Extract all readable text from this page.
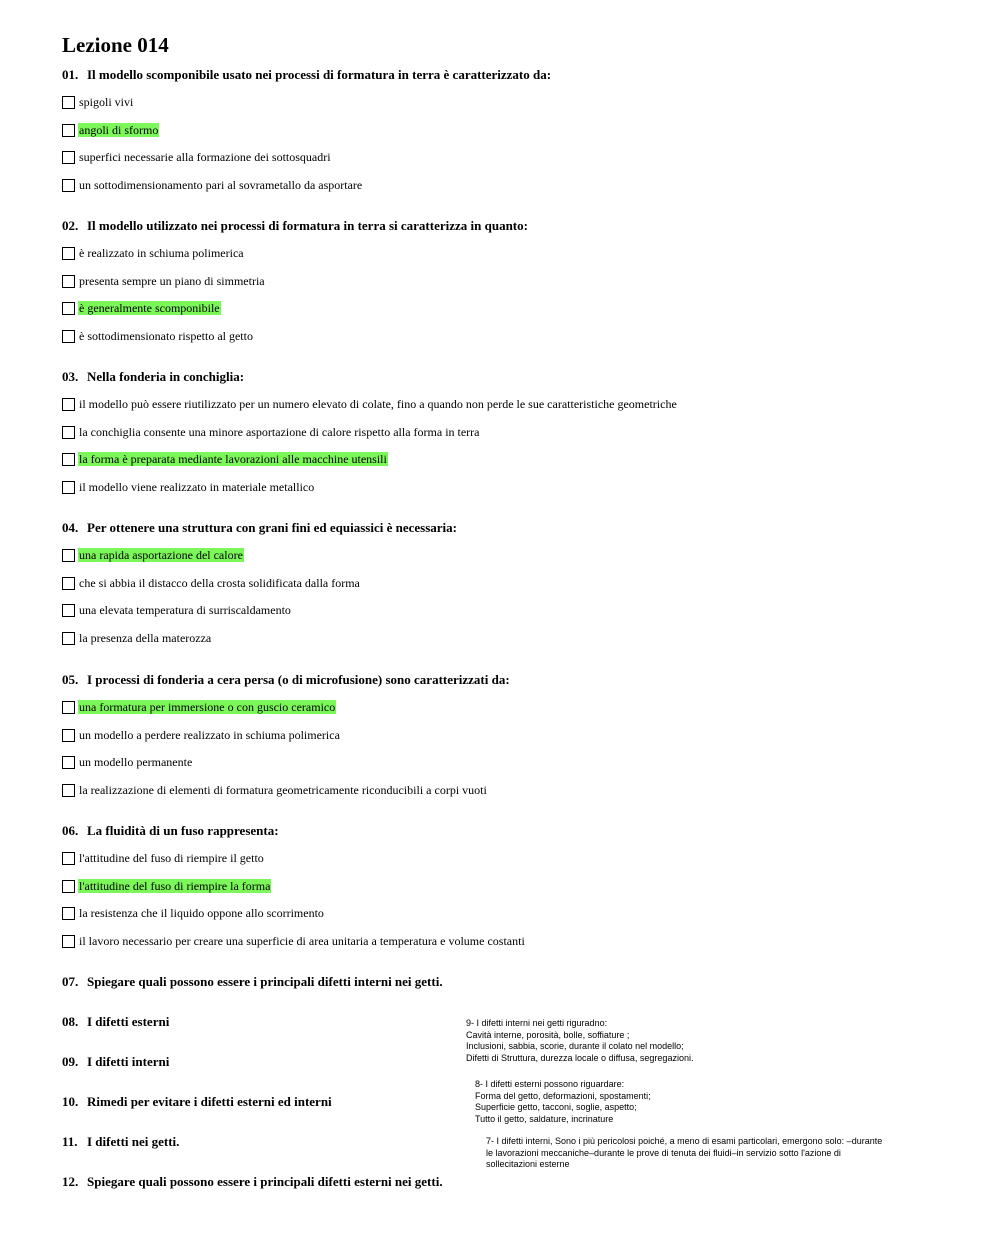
Lezione 014
01. Il modello scomponibile usato nei processi di formatura in terra è caratterizzato da:
spigoli vivi
angoli di sformo
superfici necessarie alla formazione dei sottosquadri
un sottodimensionamento pari al sovrametallo da asportare
02. Il modello utilizzato nei processi di formatura in terra si caratterizza in quanto:
è realizzato in schiuma polimerica
presenta sempre un piano di simmetria
è generalmente scomponibile
è sottodimensionato rispetto al getto
03. Nella fonderia in conchiglia:
il modello può essere riutilizzato per un numero elevato di colate, fino a quando non perde le sue caratteristiche geometriche
la conchiglia consente una minore asportazione di calore rispetto alla forma in terra
la forma è preparata mediante lavorazioni alle macchine utensili
il modello viene realizzato in materiale metallico
04. Per ottenere una struttura con grani fini ed equiassici è necessaria:
una rapida asportazione del calore
che si abbia il distacco della crosta solidificata dalla forma
una elevata temperatura di surriscaldamento
la presenza della materozza
05. I processi di fonderia a cera persa (o di microfusione) sono caratterizzati da:
una formatura per immersione o con guscio ceramico
un modello a perdere realizzato in schiuma polimerica
un modello permanente
la realizzazione di elementi di formatura geometricamente riconducibili a corpi vuoti
06. La fluidità di un fuso rappresenta:
l'attitudine del fuso di riempire il getto
l'attitudine del fuso di riempire la forma
la resistenza che il liquido oppone allo scorrimento
il lavoro necessario per creare una superficie di area unitaria a temperatura e volume costanti
07. Spiegare quali possono essere i principali difetti interni nei getti.
08. I difetti esterni
09. I difetti interni
10. Rimedi per evitare i difetti esterni ed interni
11. I difetti nei getti.
12. Spiegare quali possono essere i principali difetti esterni nei getti.
9- I difetti interni nei getti riguradno:
Cavità interne, porosità, bolle, soffiature ;
Inclusioni, sabbia, scorie, durante il colato nel modello;
Difetti di Struttura, durezza locale o diffusa, segregazioni.
8- I difetti esterni possono riguardare:
Forma del getto, deformazioni, spostamenti;
Superficie getto, tacconi, soglie, aspetto;
Tutto il getto, saldature, incrinature
7- I difetti interni, Sono i più pericolosi poiché, a meno di esami particolari, emergono solo: –durante
le lavorazioni meccaniche–durante le prove di tenuta dei fluidi–in servizio sotto l'azione di
sollecitazioni esterne
